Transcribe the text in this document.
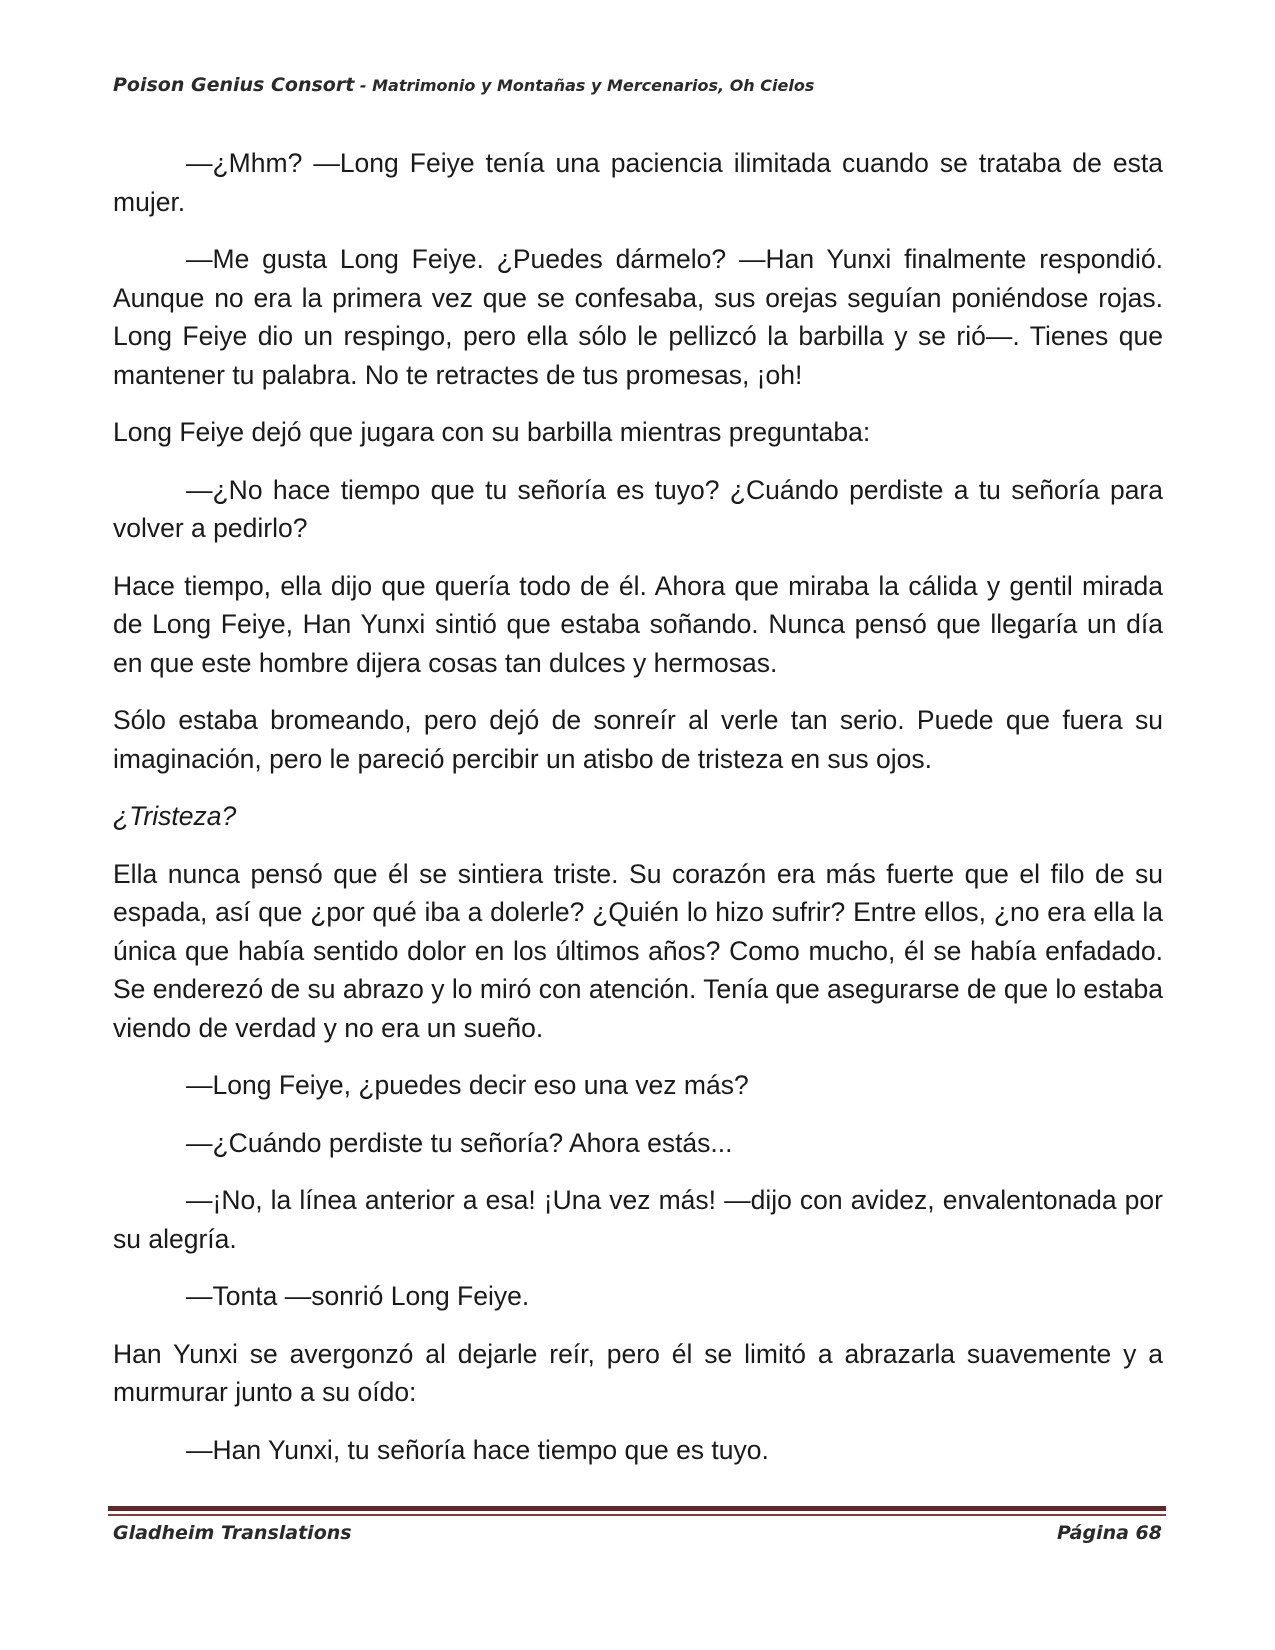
Poison Genius Consort - Matrimonio y Montañas y Mercenarios, Oh Cielos

—¿Mhm? —Long Feiye tenía una paciencia ilimitada cuando se trataba de esta mujer.

—Me gusta Long Feiye. ¿Puedes dármelo? —Han Yunxi finalmente respondió. Aunque no era la primera vez que se confesaba, sus orejas seguían poniéndose rojas. Long Feiye dio un respingo, pero ella sólo le pellizcó la barbilla y se rió—. Tienes que mantener tu palabra. No te retractes de tus promesas, ¡oh!

Long Feiye dejó que jugara con su barbilla mientras preguntaba:

—¿No hace tiempo que tu señoría es tuyo? ¿Cuándo perdiste a tu señoría para volver a pedirlo?

Hace tiempo, ella dijo que quería todo de él. Ahora que miraba la cálida y gentil mirada de Long Feiye, Han Yunxi sintió que estaba soñando. Nunca pensó que llegaría un día en que este hombre dijera cosas tan dulces y hermosas.

Sólo estaba bromeando, pero dejó de sonreír al verle tan serio. Puede que fuera su imaginación, pero le pareció percibir un atisbo de tristeza en sus ojos.

¿Tristeza?

Ella nunca pensó que él se sintiera triste. Su corazón era más fuerte que el filo de su espada, así que ¿por qué iba a dolerle? ¿Quién lo hizo sufrir? Entre ellos, ¿no era ella la única que había sentido dolor en los últimos años? Como mucho, él se había enfadado. Se enderezó de su abrazo y lo miró con atención. Tenía que asegurarse de que lo estaba viendo de verdad y no era un sueño.

—Long Feiye, ¿puedes decir eso una vez más?

—¿Cuándo perdiste tu señoría? Ahora estás...

—¡No, la línea anterior a esa! ¡Una vez más! —dijo con avidez, envalentonada por su alegría.

—Tonta —sonrió Long Feiye.

Han Yunxi se avergonzó al dejarle reír, pero él se limitó a abrazarla suavemente y a murmurar junto a su oído:

—Han Yunxi, tu señoría hace tiempo que es tuyo.

Gladheim Translations	Página 68
